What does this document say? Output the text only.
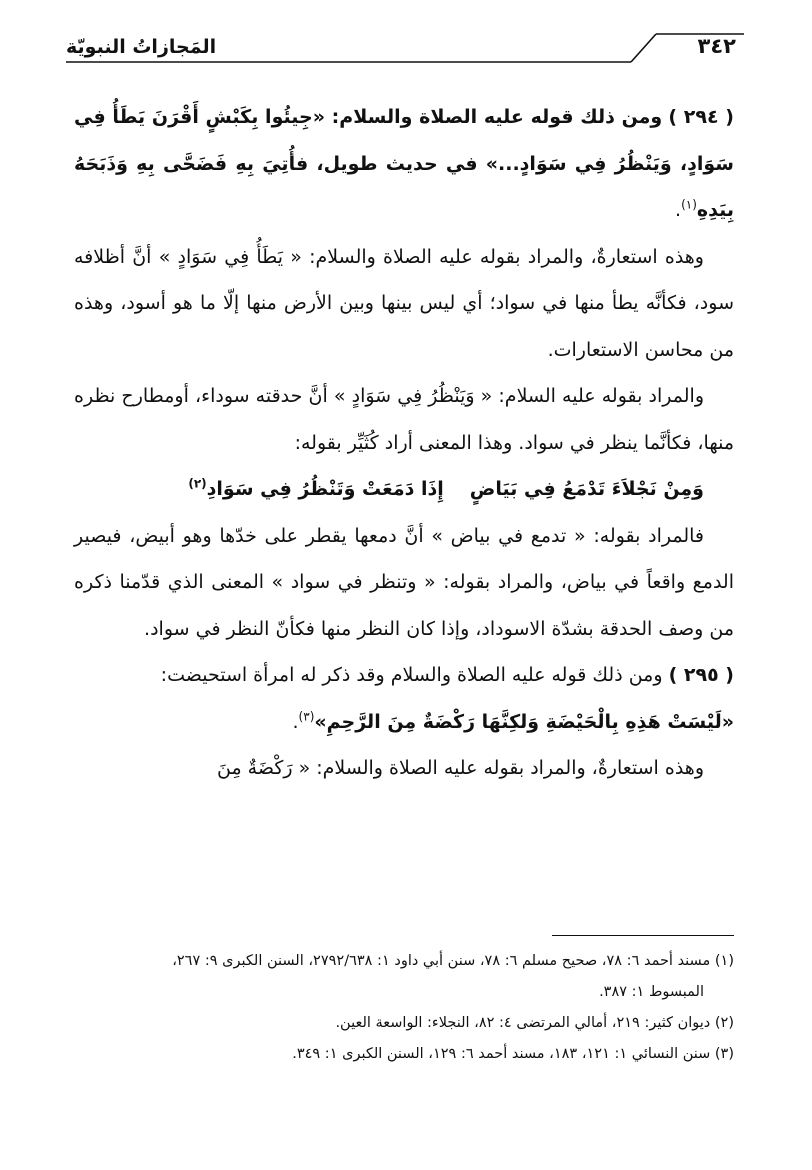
المَجازاتُ النبويّة	٣٤٢

( ٢٩٤ ) ومن ذلك قوله عليه الصلاة والسلام: «جِيئُوا بِكَبْشٍ أَقْرَنَ يَطَأُ فِي سَوَادٍ، وَيَنْظُرُ فِي سَوَادٍ...» في حديث طويل، فأُتِيَ بِهِ فَضَحَّى بِهِ وَذَبَحَهُ بِيَدِهِ$^{(١)}$.

وهذه استعارةٌ، والمراد بقوله عليه الصلاة والسلام: « يَطَأُ فِي سَوَادٍ » أنَّ أظلافه سود، فكأنَّه يطأ منها في سواد؛ أي ليس بينها وبين الأرض منها إلّا ما هو أسود، وهذه من محاسن الاستعارات.

والمراد بقوله عليه السلام: « وَيَنْظُرُ فِي سَوَادٍ » أنَّ حدقته سوداء، أومطارح نظره منها، فكأنَّما ينظر في سواد. وهذا المعنى أراد كُثَيِّر بقوله:

وَمِنْ نَجْلاَءَ تَدْمَعُ فِي بَيَاضٍ
إِذَا دَمَعَتْ وَتَنْظُرُ فِي سَوَادِ$^{(٢)}$

فالمراد بقوله: « تدمع في بياض » أنَّ دمعها يقطر على خدّها وهو أبيض، فيصير الدمع واقعاً في بياض، والمراد بقوله: « وتنظر في سواد » المعنى الذي قدّمنا ذكره من وصف الحدقة بشدّة الاسوداد، وإذا كان النظر منها فكأنّ النظر في سواد.

( ٢٩٥ ) ومن ذلك قوله عليه الصلاة والسلام وقد ذكر له امرأة استحيضت:
«لَيْسَتْ هَذِهِ بِالْحَيْضَةِ وَلكِنَّهَا رَكْضَةٌ مِنَ الرَّحِمِ»$^{(٣)}$.

وهذه استعارةٌ، والمراد بقوله عليه الصلاة والسلام: « رَكْضَةٌ مِنَ

(١) مسند أحمد ٦: ٧٨، صحيح مسلم ٦: ٧٨، سنن أبي داود ١: ٢٧٩٢/٦٣٨، السنن الكبرى ٩: ٢٦٧،

المبسوط ١: ٣٨٧.

(٢) ديوان كثير: ٢١٩، أمالي المرتضى ٤: ٨٢، النجلاء: الواسعة العين.

(٣) سنن النسائي ١: ١٢١، ١٨٣، مسند أحمد ٦: ١٢٩، السنن الكبرى ١: ٣٤٩.
